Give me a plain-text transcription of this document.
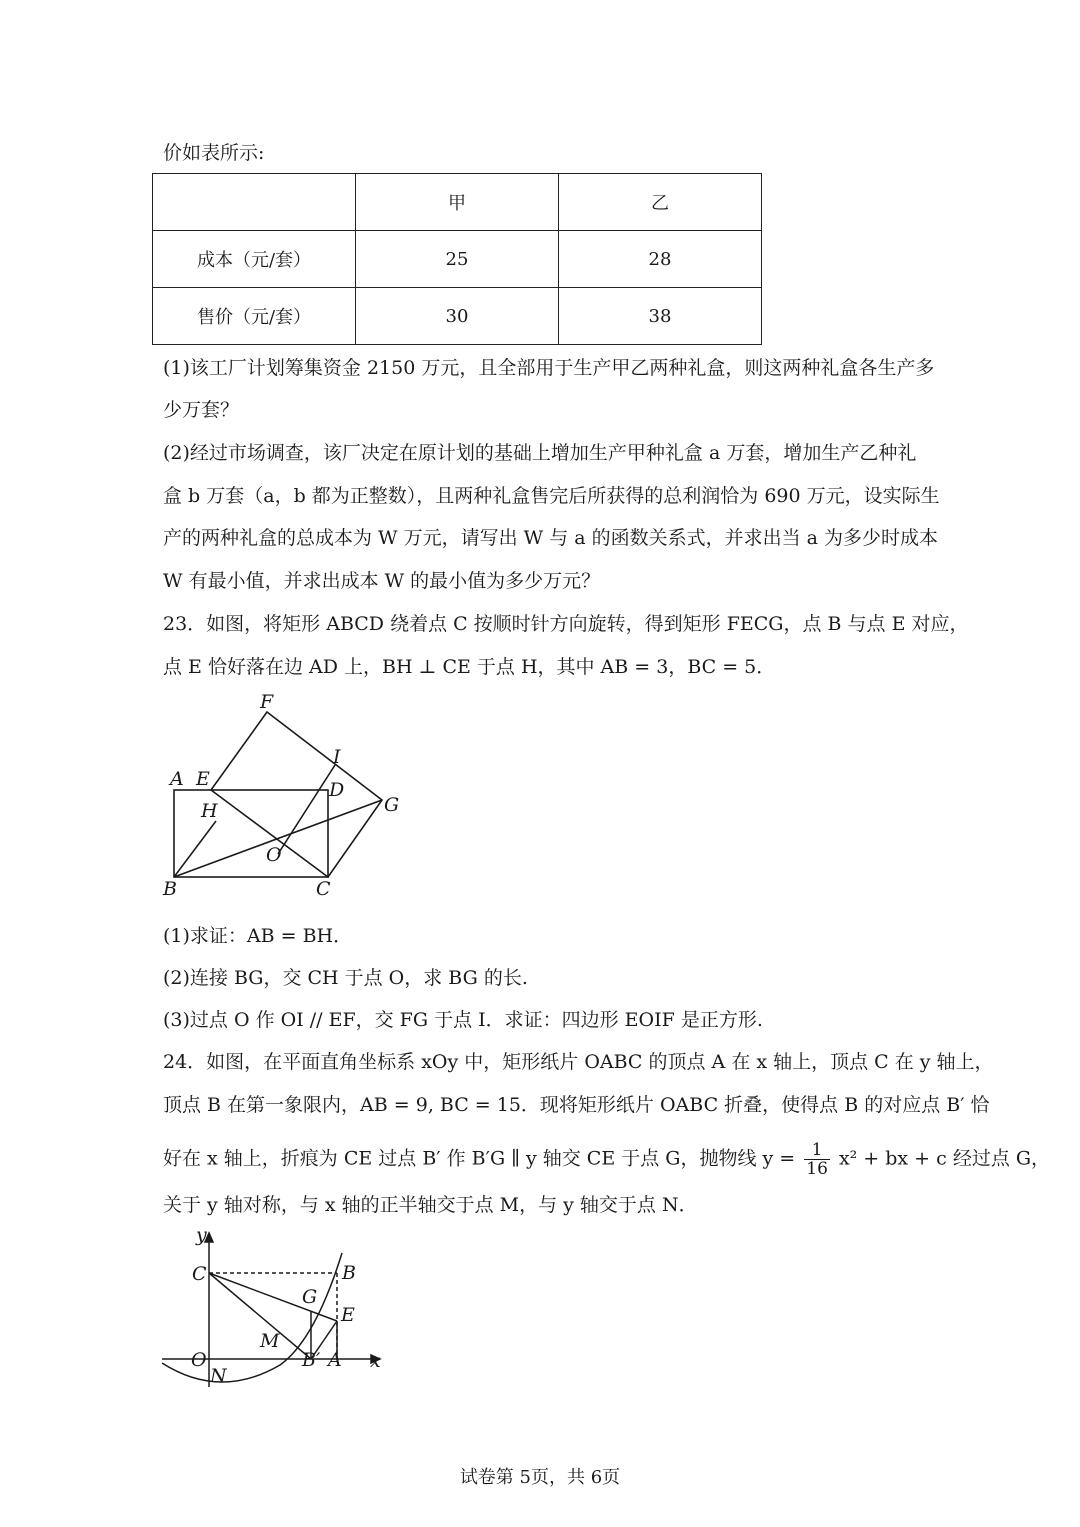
价如表所示:
	甲	乙
成本（元/套）	25	28
售价（元/套）	30	38
(1)该工厂计划筹集资金 2150 万元，且全部用于生产甲乙两种礼盒，则这两种礼盒各生产多
少万套？
(2)经过市场调查，该厂决定在原计划的基础上增加生产甲种礼盒 a 万套，增加生产乙种礼
盒 b 万套（a，b 都为正整数），且两种礼盒售完后所获得的总利润恰为 690 万元，设实际生
产的两种礼盒的总成本为 W 万元，请写出 W 与 a 的函数关系式，并求出当 a 为多少时成本
W 有最小值，并求出成本 W 的最小值为多少万元？
23．如图，将矩形 ABCD 绕着点 C 按顺时针方向旋转，得到矩形 FECG，点 B 与点 E 对应，
点 E 恰好落在边 AD 上，BH ⊥ CE 于点 H，其中 AB = 3，BC = 5．
F
I
A E	D
G
H
O
B	C
(1)求证：AB = BH．
(2)连接 BG，交 CH 于点 O，求 BG 的长.
(3)过点 O 作 OI // EF，交 FG 于点 I．求证：四边形 EOIF 是正方形.
24．如图，在平面直角坐标系 xOy 中，矩形纸片 OABC 的顶点 A 在 x 轴上，顶点 C 在 y 轴上，
顶点 B 在第一象限内，AB = 9, BC = 15．现将矩形纸片 OABC 折叠，使得点 B 的对应点 B′ 恰
好在 x 轴上，折痕为 CE 过点 B′ 作 B′G ∥ y 轴交 CE 于点 G，抛物线 $y = \frac{1}{16} x^2$ + bx + c 经过点 G，
关于 y 轴对称，与 x 轴的正半轴交于点 M，与 y 轴交于点 N．
y
C	B
G
E
M
O
N
B′ A x
试卷第 5页，共 6页
